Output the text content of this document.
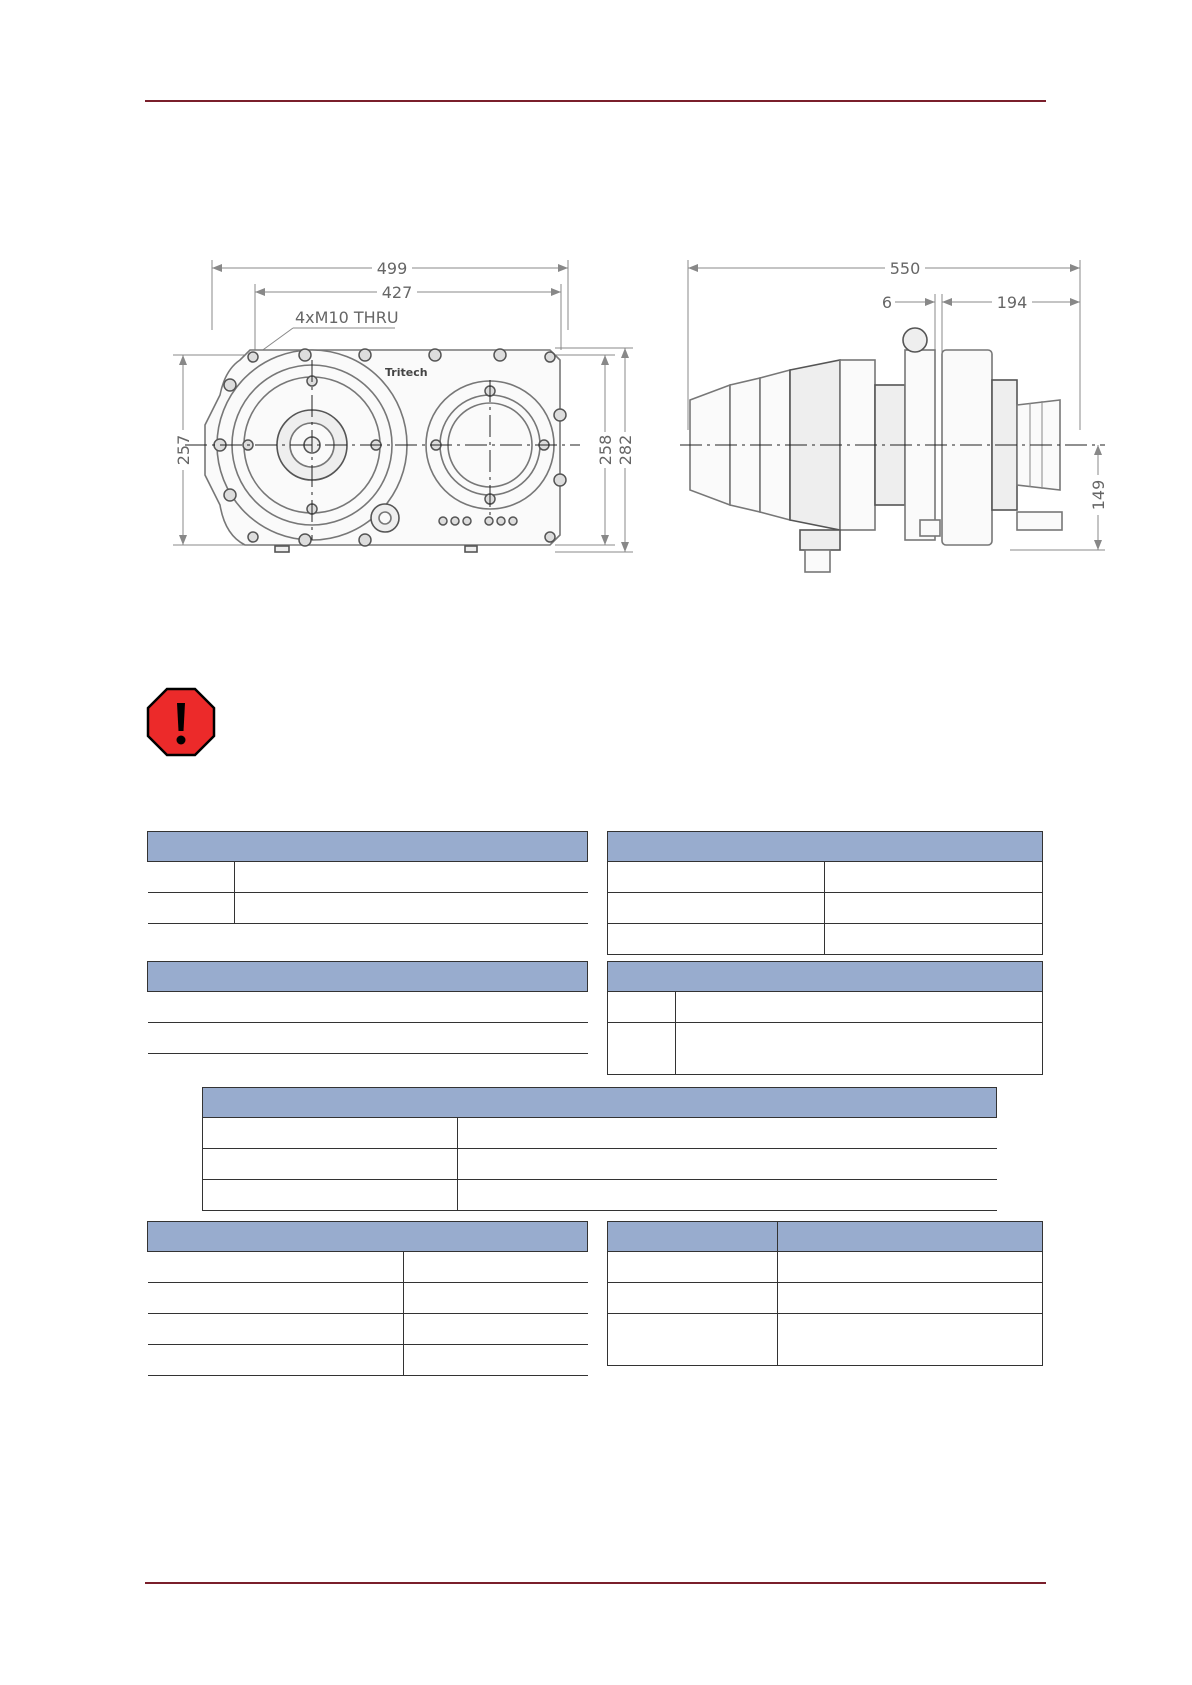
499
427
4xM10 THRU
257	258 282
Tritech
550
6	194
149
